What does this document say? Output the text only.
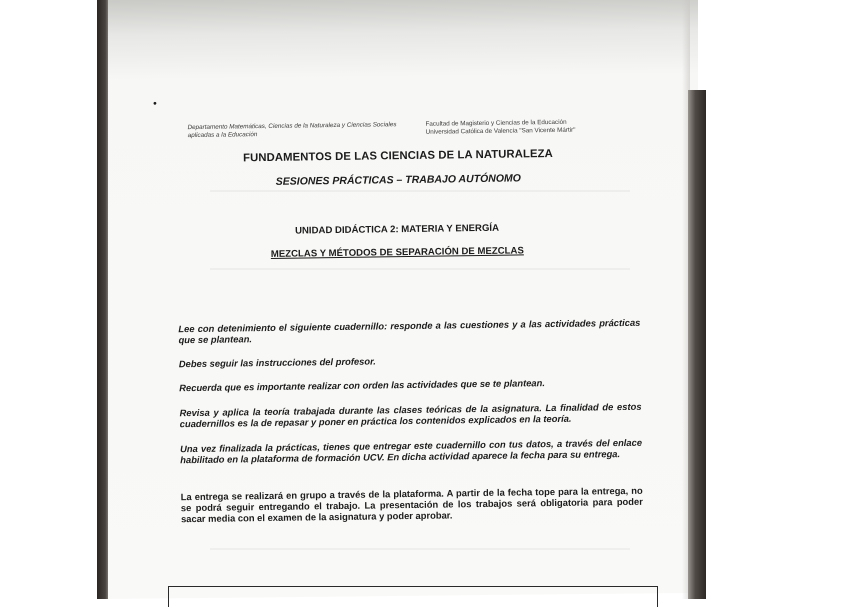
•
Departamento Matemáticas, Ciencias de la Naturaleza y Ciencias Sociales aplicadas a la Educación
Facultad de Magisterio y Ciencias de la Educación
Universidad Católica de Valencia "San Vicente Mártir"
FUNDAMENTOS DE LAS CIENCIAS DE LA NATURALEZA
SESIONES PRÁCTICAS – TRABAJO AUTÓNOMO
UNIDAD DIDÁCTICA 2: MATERIA Y ENERGÍA
MEZCLAS Y MÉTODOS DE SEPARACIÓN DE MEZCLAS
Lee con detenimiento el siguiente cuadernillo: responde a las cuestiones y a las actividades prácticas que se plantean.
Debes seguir las instrucciones del profesor.
Recuerda que es importante realizar con orden las actividades que se te plantean.
Revisa y aplica la teoría trabajada durante las clases teóricas de la asignatura. La finalidad de estos cuadernillos es la de repasar y poner en práctica los contenidos explicados en la teoría.
Una vez finalizada la prácticas, tienes que entregar este cuadernillo con tus datos, a través del enlace habilitado en la plataforma de formación UCV. En dicha actividad aparece la fecha para su entrega.
La entrega se realizará en grupo a través de la plataforma. A partir de la fecha tope para la entrega, no se podrá seguir entregando el trabajo. La presentación de los trabajos será obligatoria para poder sacar media con el examen de la asignatura y poder aprobar.
